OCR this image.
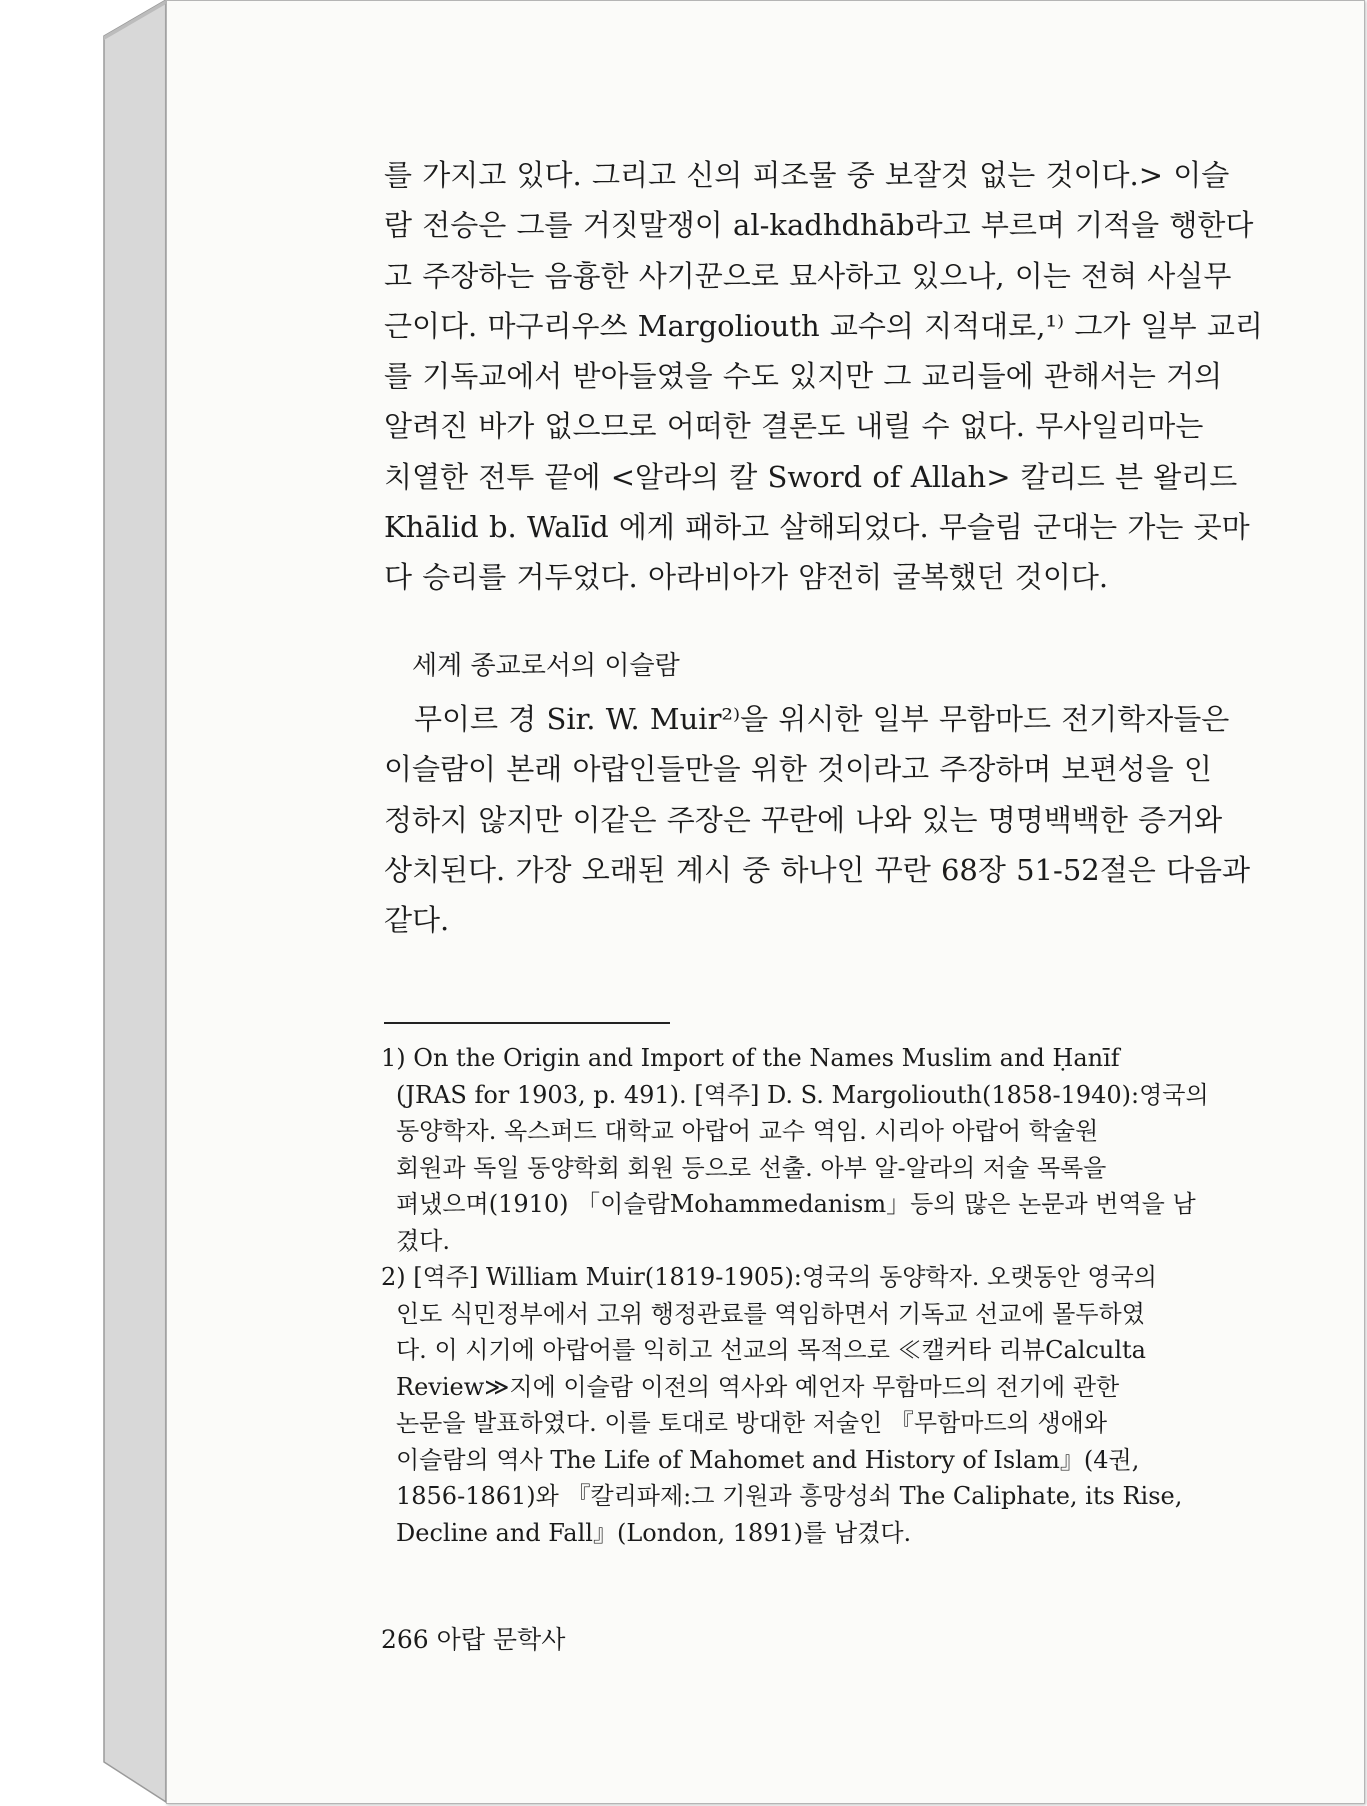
를 가지고 있다. 그리고 신의 피조물 중 보잘것 없는 것이다.> 이슬
람 전승은 그를 거짓말쟁이 al-kadhdhāb라고 부르며 기적을 행한다
고 주장하는 음흉한 사기꾼으로 묘사하고 있으나, 이는 전혀 사실무
근이다. 마구리우쓰 Margoliouth 교수의 지적대로,¹⁾ 그가 일부 교리
를 기독교에서 받아들였을 수도 있지만 그 교리들에 관해서는 거의
알려진 바가 없으므로 어떠한 결론도 내릴 수 없다. 무사일리마는
치열한 전투 끝에 <알라의 칼 Sword of Allah> 칼리드 븐 왈리드
Khālid b. Walīd 에게 패하고 살해되었다. 무슬림 군대는 가는 곳마
다 승리를 거두었다. 아라비아가 얌전히 굴복했던 것이다.

세계 종교로서의 이슬람

무이르 경 Sir. W. Muir²⁾을 위시한 일부 무함마드 전기학자들은
이슬람이 본래 아랍인들만을 위한 것이라고 주장하며 보편성을 인
정하지 않지만 이같은 주장은 꾸란에 나와 있는 명명백백한 증거와
상치된다. 가장 오래된 계시 중 하나인 꾸란 68장 51-52절은 다음과
같다.

1) On the Origin and Import of the Names Muslim and Ḥanīf
(JRAS for 1903, p. 491). [역주] D. S. Margoliouth(1858-1940):영국의
동양학자. 옥스퍼드 대학교 아랍어 교수 역임. 시리아 아랍어 학술원
회원과 독일 동양학회 회원 등으로 선출. 아부 알-알라의 저술 목록을
펴냈으며(1910) 「이슬람Mohammedanism」등의 많은 논문과 번역을 남
겼다.

2) [역주] William Muir(1819-1905):영국의 동양학자. 오랫동안 영국의
인도 식민정부에서 고위 행정관료를 역임하면서 기독교 선교에 몰두하였
다. 이 시기에 아랍어를 익히고 선교의 목적으로 ≪캘커타 리뷰Calculta
Review≫지에 이슬람 이전의 역사와 예언자 무함마드의 전기에 관한
논문을 발표하였다. 이를 토대로 방대한 저술인 『무함마드의 생애와
이슬람의 역사 The Life of Mahomet and History of Islam』(4권,
1856-1861)와 『칼리파제:그 기원과 흥망성쇠 The Caliphate, its Rise,
Decline and Fall』(London, 1891)를 남겼다.

266 아랍 문학사
